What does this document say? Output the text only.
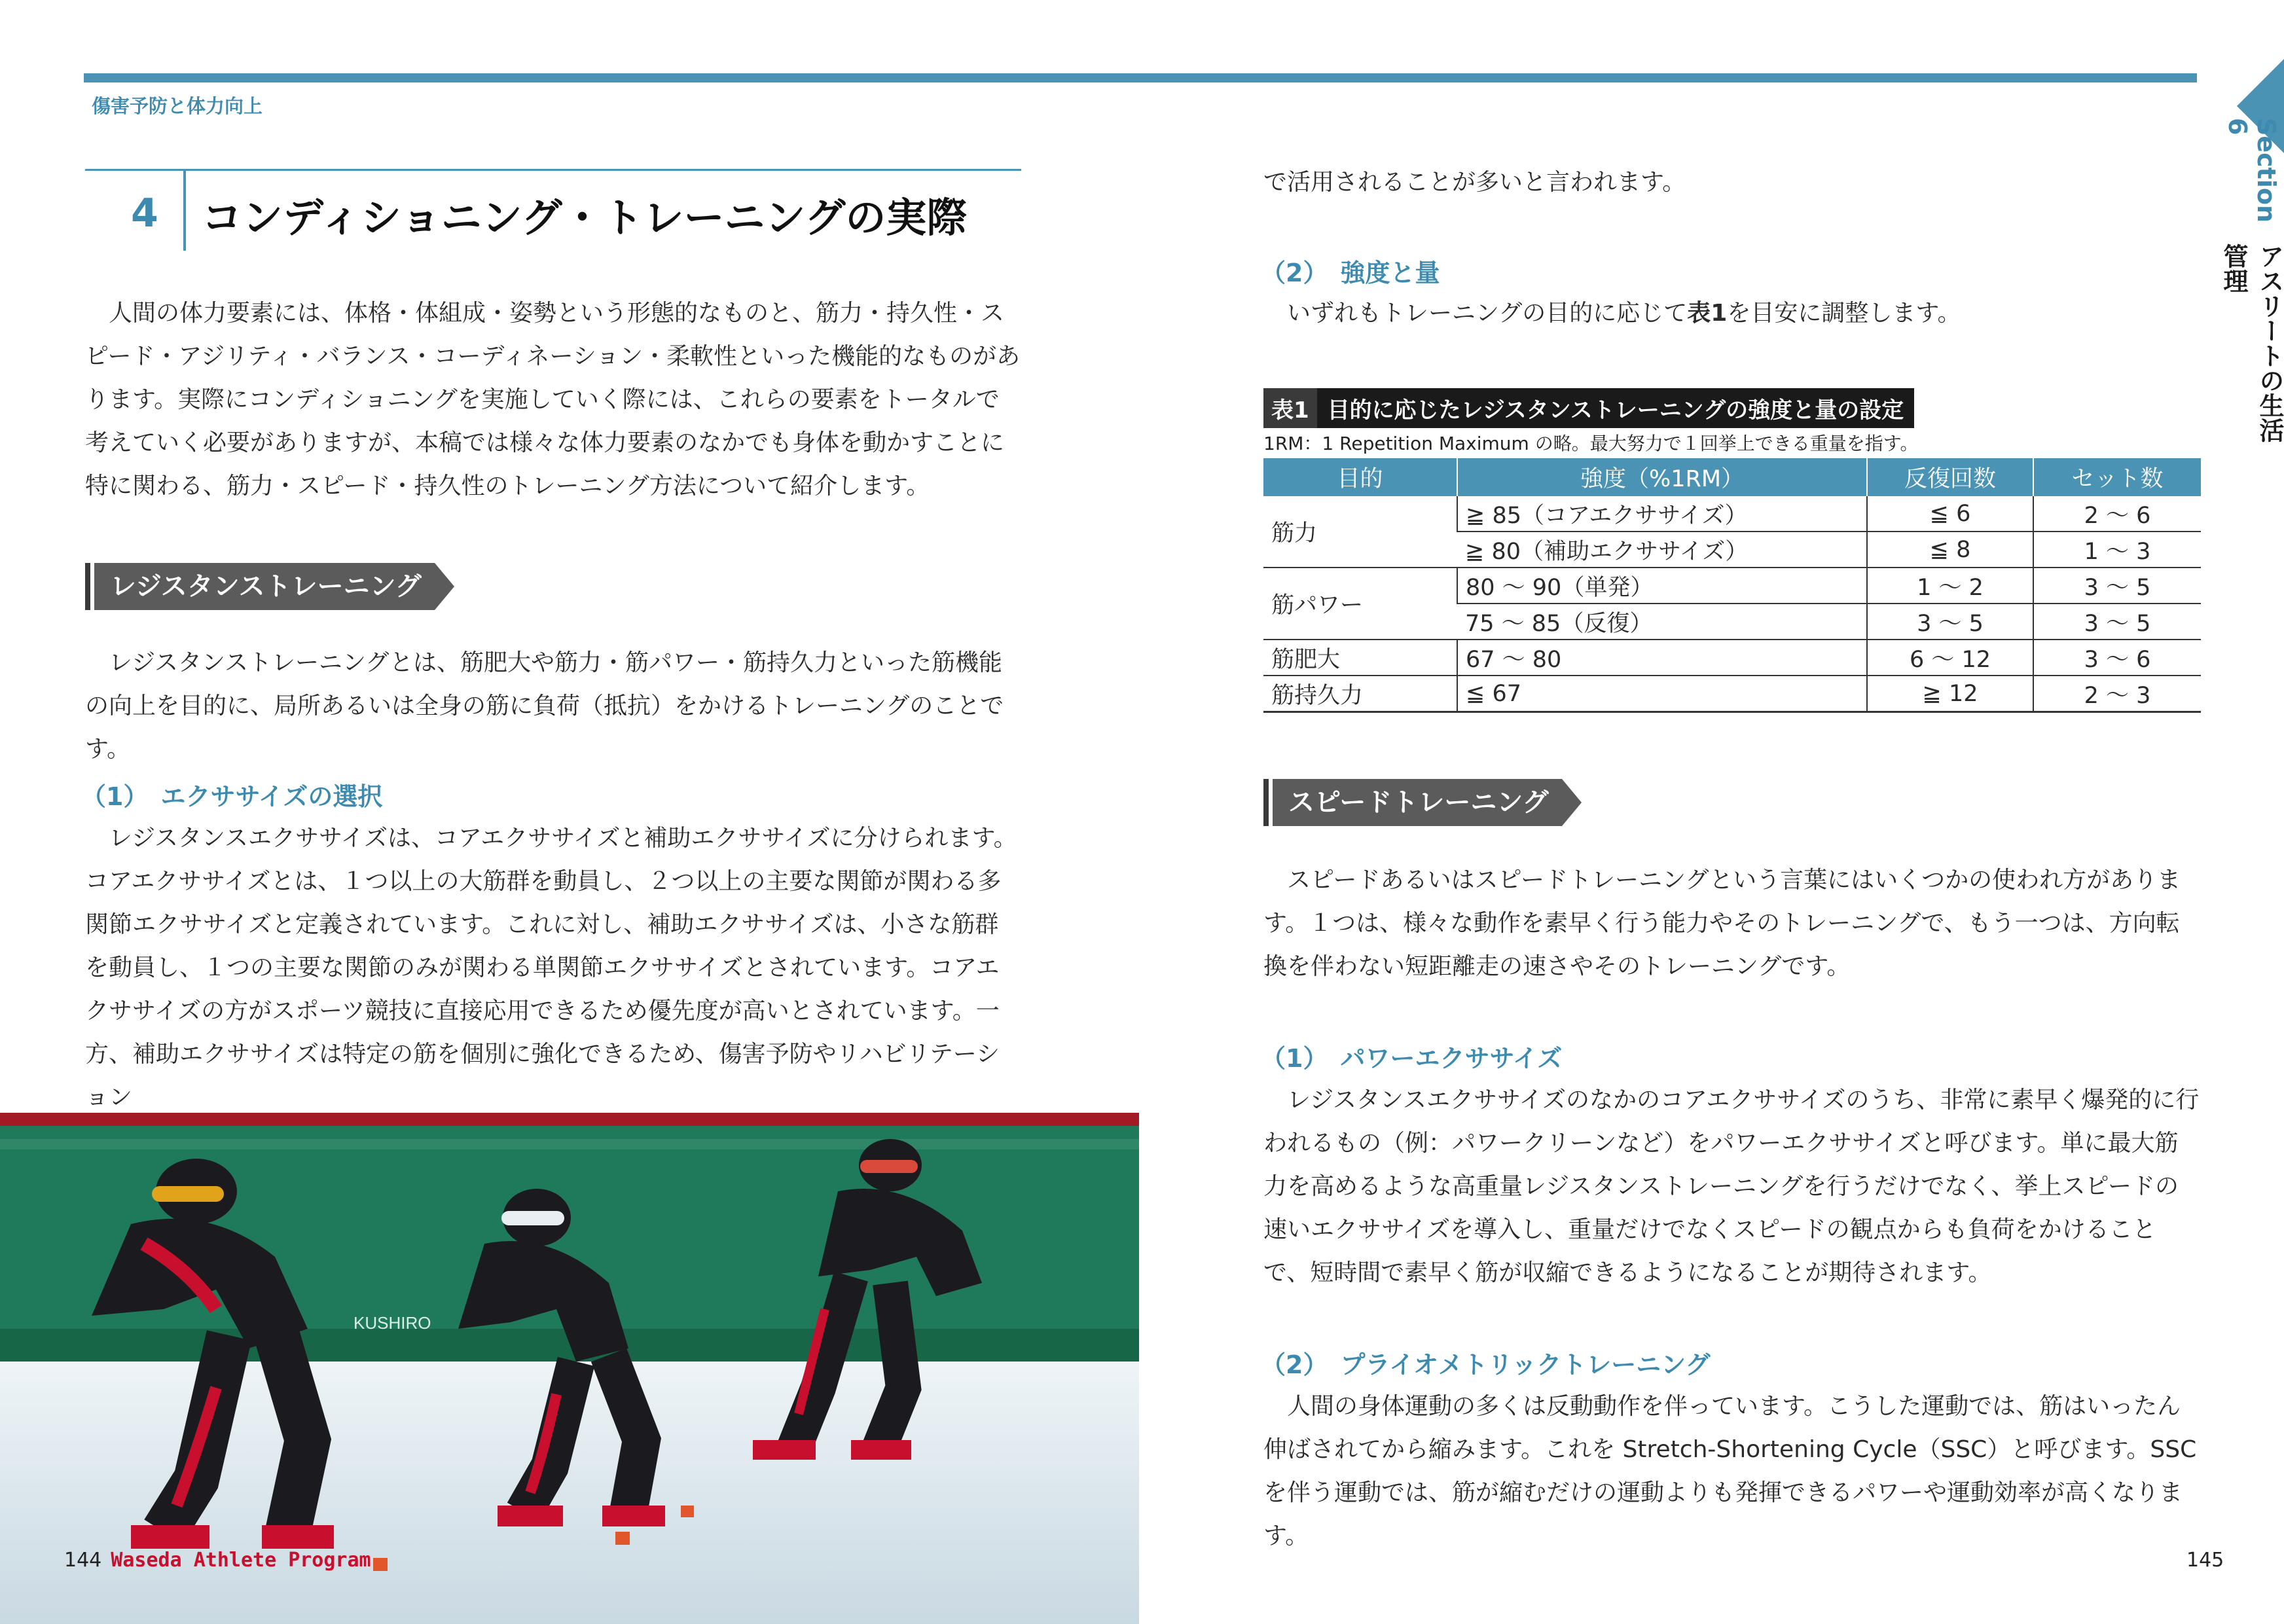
傷害予防と体力向上
Section 6
アスリートの生活管理
4 コンディショニング・トレーニングの実際

人間の体力要素には、体格・体組成・姿勢という形態的なものと、筋力・持久性・スピード・アジリティ・バランス・コーディネーション・柔軟性といった機能的なものがあります。実際にコンディショニングを実施していく際には、これらの要素をトータルで考えていく必要がありますが、本稿では様々な体力要素のなかでも身体を動かすことに特に関わる、筋力・スピード・持久性のトレーニング方法について紹介します。

レジスタンストレーニング

レジスタンストレーニングとは、筋肥大や筋力・筋パワー・筋持久力といった筋機能の向上を目的に、局所あるいは全身の筋に負荷（抵抗）をかけるトレーニングのことです。

（1）　エクササイズの選択

レジスタンスエクササイズは、コアエクササイズと補助エクササイズに分けられます。コアエクササイズとは、１つ以上の大筋群を動員し、２つ以上の主要な関節が関わる多関節エクササイズと定義されています。これに対し、補助エクササイズは、小さな筋群を動員し、１つの主要な関節のみが関わる単関節エクササイズとされています。コアエクササイズの方がスポーツ競技に直接応用できるため優先度が高いとされています。一方、補助エクササイズは特定の筋を個別に強化できるため、傷害予防やリハビリテーション

KUSHIRO

で活用されることが多いと言われます。

（2）　強度と量

いずれもトレーニングの目的に応じて表1を目安に調整します。

表1 目的に応じたレジスタンストレーニングの強度と量の設定
1RM：1 Repetition Maximum の略。最大努力で１回挙上できる重量を指す。
目的	強度（%1RM）	反復回数	セット数
筋力	≧ 85（コアエクササイズ）	≦ 6	2 〜 6
	≧ 80（補助エクササイズ）	≦ 8	1 〜 3
筋パワー	80 〜 90（単発）	1 〜 2	3 〜 5
	75 〜 85（反復）	3 〜 5	3 〜 5
筋肥大	67 〜 80	6 〜 12	3 〜 6
筋持久力	≦ 67	≧ 12	2 〜 3
スピードトレーニング

スピードあるいはスピードトレーニングという言葉にはいくつかの使われ方があります。１つは、様々な動作を素早く行う能力やそのトレーニングで、もう一つは、方向転換を伴わない短距離走の速さやそのトレーニングです。

（1）　パワーエクササイズ

レジスタンスエクササイズのなかのコアエクササイズのうち、非常に素早く爆発的に行われるもの（例：パワークリーンなど）をパワーエクササイズと呼びます。単に最大筋力を高めるような高重量レジスタンストレーニングを行うだけでなく、挙上スピードの速いエクササイズを導入し、重量だけでなくスピードの観点からも負荷をかけることで、短時間で素早く筋が収縮できるようになることが期待されます。

（2）　プライオメトリックトレーニング

人間の身体運動の多くは反動動作を伴っています。こうした運動では、筋はいったん伸ばされてから縮みます。これを Stretch-Shortening Cycle（SSC）と呼びます。SSC を伴う運動では、筋が縮むだけの運動よりも発揮できるパワーや運動効率が高くなります。

144 Waseda Athlete Program	145
